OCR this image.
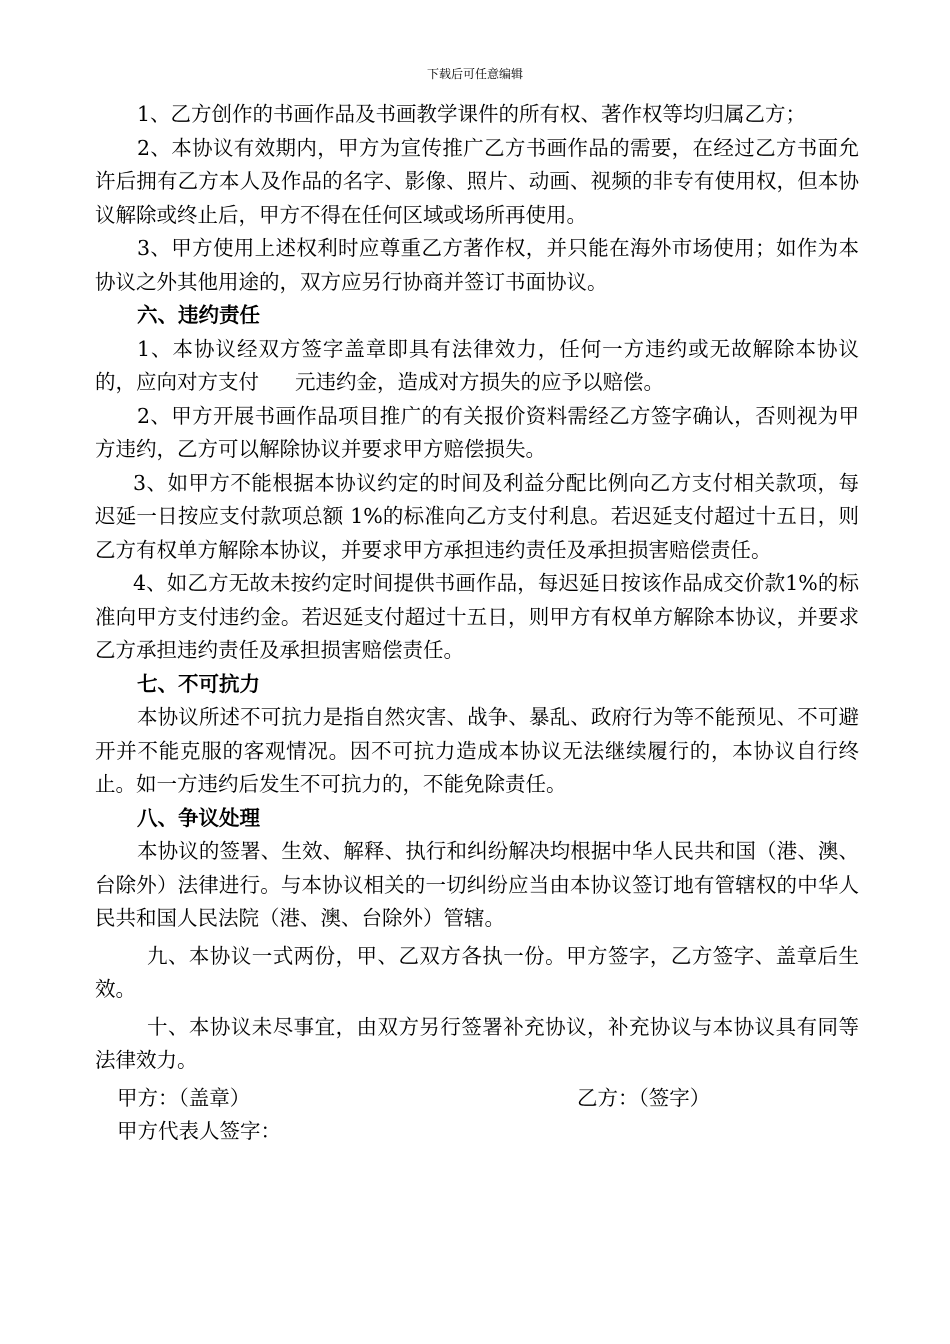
下载后可任意编辑

1、乙方创作的书画作品及书画教学课件的所有权、著作权等均归属乙方；

2、本协议有效期内，甲方为宣传推广乙方书画作品的需要，在经过乙方书面允许后拥有乙方本人及作品的名字、影像、照片、动画、视频的非专有使用权，但本协议解除或终止后，甲方不得在任何区域或场所再使用。

3、甲方使用上述权利时应尊重乙方著作权，并只能在海外市场使用；如作为本协议之外其他用途的，双方应另行协商并签订书面协议。

六、违约责任

1、本协议经双方签字盖章即具有法律效力，任何一方违约或无故解除本协议的，应向对方支付 元违约金，造成对方损失的应予以赔偿。

2、甲方开展书画作品项目推广的有关报价资料需经乙方签字确认，否则视为甲方违约，乙方可以解除协议并要求甲方赔偿损失。

3、如甲方不能根据本协议约定的时间及利益分配比例向乙方支付相关款项，每迟延一日按应支付款项总额 1%的标准向乙方支付利息。若迟延支付超过十五日，则乙方有权单方解除本协议，并要求甲方承担违约责任及承担损害赔偿责任。

4、如乙方无故未按约定时间提供书画作品，每迟延日按该作品成交价款1%的标准向甲方支付违约金。若迟延支付超过十五日，则甲方有权单方解除本协议，并要求乙方承担违约责任及承担损害赔偿责任。

七、不可抗力

本协议所述不可抗力是指自然灾害、战争、暴乱、政府行为等不能预见、不可避开并不能克服的客观情况。因不可抗力造成本协议无法继续履行的，本协议自行终止。如一方违约后发生不可抗力的，不能免除责任。

八、争议处理

本协议的签署、生效、解释、执行和纠纷解决均根据中华人民共和国（港、澳、台除外）法律进行。与本协议相关的一切纠纷应当由本协议签订地有管辖权的中华人民共和国人民法院（港、澳、台除外）管辖。

九、本协议一式两份，甲、乙双方各执一份。甲方签字，乙方签字、盖章后生效。

十、本协议未尽事宜，由双方另行签署补充协议，补充协议与本协议具有同等法律效力。

甲方：（盖章）	乙方：（签字）

甲方代表人签字：
